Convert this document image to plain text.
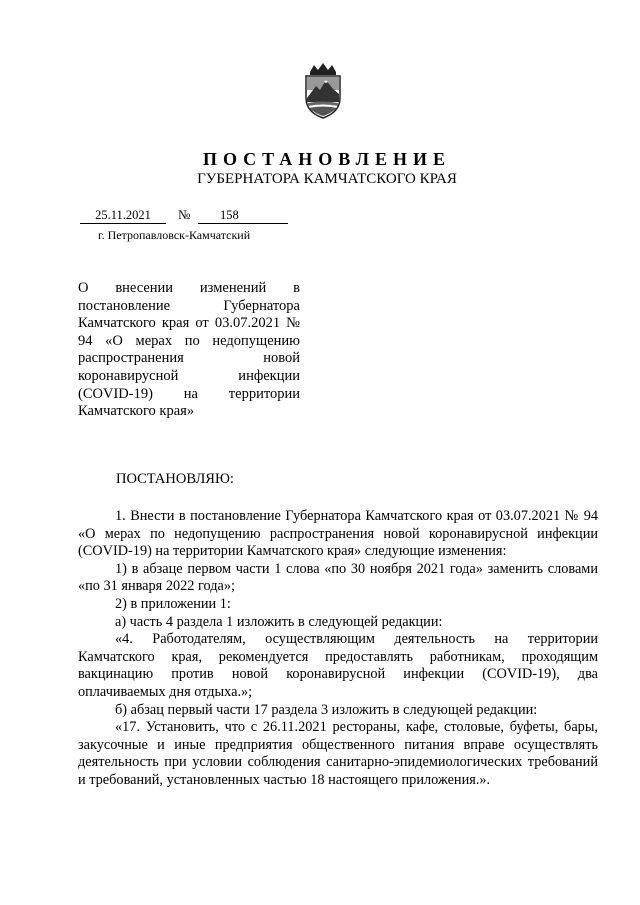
ПОСТАНОВЛЕНИЕ
ГУБЕРНАТОРА КАМЧАТСКОГО КРАЯ
25.11.2021	№	158
г. Петропавловск-Камчатский
О внесении изменений в постановление Губернатора Камчатского края от 03.07.2021 № 94 «О мерах по недопущению распространения новой коронавирусной инфекции (COVID-19) на территории Камчатского края»
ПОСТАНОВЛЯЮ:

1. Внести в постановление Губернатора Камчатского края от 03.07.2021 № 94 «О мерах по недопущению распространения новой коронавирусной инфекции (COVID-19) на территории Камчатского края» следующие изменения:

1) в абзаце первом части 1 слова «по 30 ноября 2021 года» заменить словами «по 31 января 2022 года»;

2) в приложении 1:

а) часть 4 раздела 1 изложить в следующей редакции:

«4. Работодателям, осуществляющим деятельность на территории Камчатского края, рекомендуется предоставлять работникам, проходящим вакцинацию против новой коронавирусной инфекции (COVID-19), два оплачиваемых дня отдыха.»;

б) абзац первый части 17 раздела 3 изложить в следующей редакции:

«17. Установить, что с 26.11.2021 рестораны, кафе, столовые, буфеты, бары, закусочные и иные предприятия общественного питания вправе осуществлять деятельность при условии соблюдения санитарно-эпидемиологических требований и требований, установленных частью 18 настоящего приложения.».
